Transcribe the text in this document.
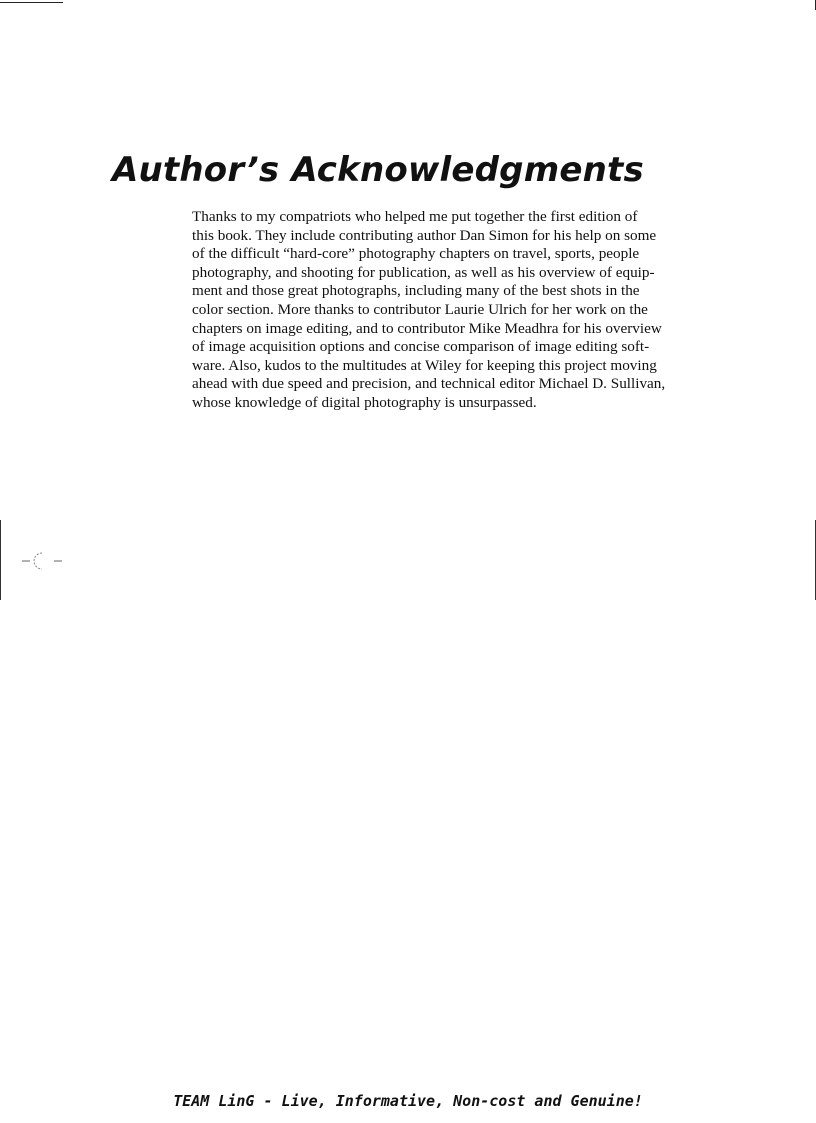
Author’s Acknowledgments
Thanks to my compatriots who helped me put together the first edition of
this book. They include contributing author Dan Simon for his help on some
of the difficult “hard-core” photography chapters on travel, sports, people
photography, and shooting for publication, as well as his overview of equip-
ment and those great photographs, including many of the best shots in the
color section. More thanks to contributor Laurie Ulrich for her work on the
chapters on image editing, and to contributor Mike Meadhra for his overview
of image acquisition options and concise comparison of image editing soft-
ware. Also, kudos to the multitudes at Wiley for keeping this project moving
ahead with due speed and precision, and technical editor Michael D. Sullivan,
whose knowledge of digital photography is unsurpassed.
TEAM LinG - Live, Informative, Non-cost and Genuine!
